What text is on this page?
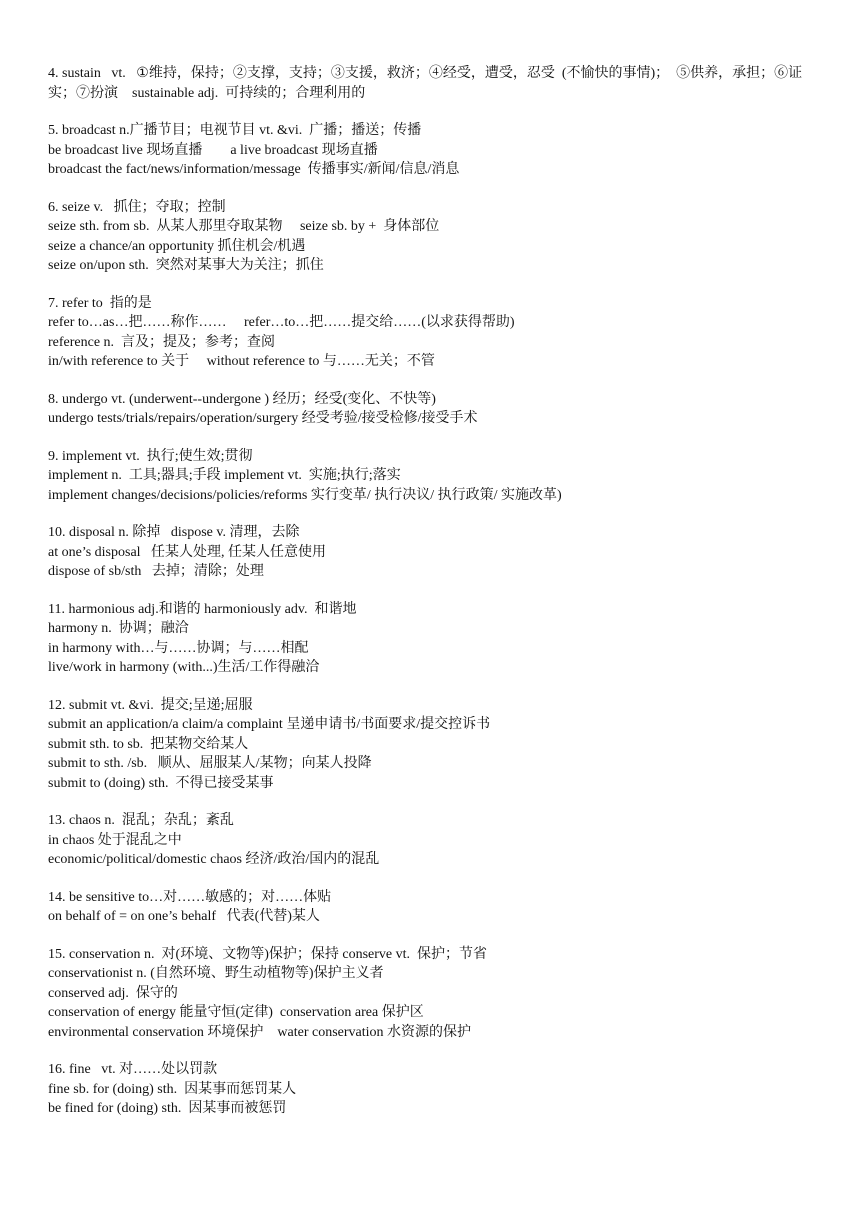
4. sustain   vt.   ①维持，保持；②支撑，支持；③支援，救济；④经受，遭受，忍受  (不愉快的事情)；  ⑤供养，承担；⑥证实；⑦扮演    sustainable adj.  可持续的；合理利用的
5. broadcast n.广播节目；电视节目 vt. &vi.  广播；播送；传播
be broadcast live 现场直播        a live broadcast 现场直播
broadcast the fact/news/information/message  传播事实/新闻/信息/消息
6. seize v.   抓住；夺取；控制
seize sth. from sb.  从某人那里夺取某物     seize sb. by +  身体部位
seize a chance/an opportunity 抓住机会/机遇
seize on/upon sth.  突然对某事大为关注；抓住
7. refer to  指的是
refer to…as…把……称作……     refer…to…把……提交给……(以求获得帮助)
reference n.  言及；提及；参考；查阅
in/with reference to 关于     without reference to 与……无关；不管
8. undergo vt. (underwent--undergone ) 经历；经受(变化、不快等)
undergo tests/trials/repairs/operation/surgery 经受考验/接受检修/接受手术
9. implement vt.  执行;使生效;贯彻
implement n.  工具;器具;手段 implement vt.  实施;执行;落实
implement changes/decisions/policies/reforms 实行变革/ 执行决议/ 执行政策/ 实施改革)
10. disposal n. 除掉   dispose v. 清理，去除
at one’s disposal   任某人处理, 任某人任意使用
dispose of sb/sth   去掉；清除；处理
11. harmonious adj.和谐的 harmoniously adv.  和谐地
harmony n.  协调；融洽
in harmony with…与……协调；与……相配
live/work in harmony (with...)生活/工作得融洽
12. submit vt. &vi.  提交;呈递;屈服
submit an application/a claim/a complaint 呈递申请书/书面要求/提交控诉书
submit sth. to sb.  把某物交给某人
submit to sth. /sb.   顺从、屈服某人/某物；向某人投降
submit to (doing) sth.  不得已接受某事
13. chaos n.  混乱；杂乱；紊乱
in chaos 处于混乱之中
economic/political/domestic chaos 经济/政治/国内的混乱
14. be sensitive to…对……敏感的；对……体贴
on behalf of = on one’s behalf   代表(代替)某人
15. conservation n.  对(环境、文物等)保护；保持 conserve vt.  保护；节省
conservationist n. (自然环境、野生动植物等)保护主义者
conserved adj.  保守的
conservation of energy 能量守恒(定律)  conservation area 保护区
environmental conservation 环境保护    water conservation 水资源的保护
16. fine   vt. 对……处以罚款
fine sb. for (doing) sth.  因某事而惩罚某人
be fined for (doing) sth.  因某事而被惩罚
